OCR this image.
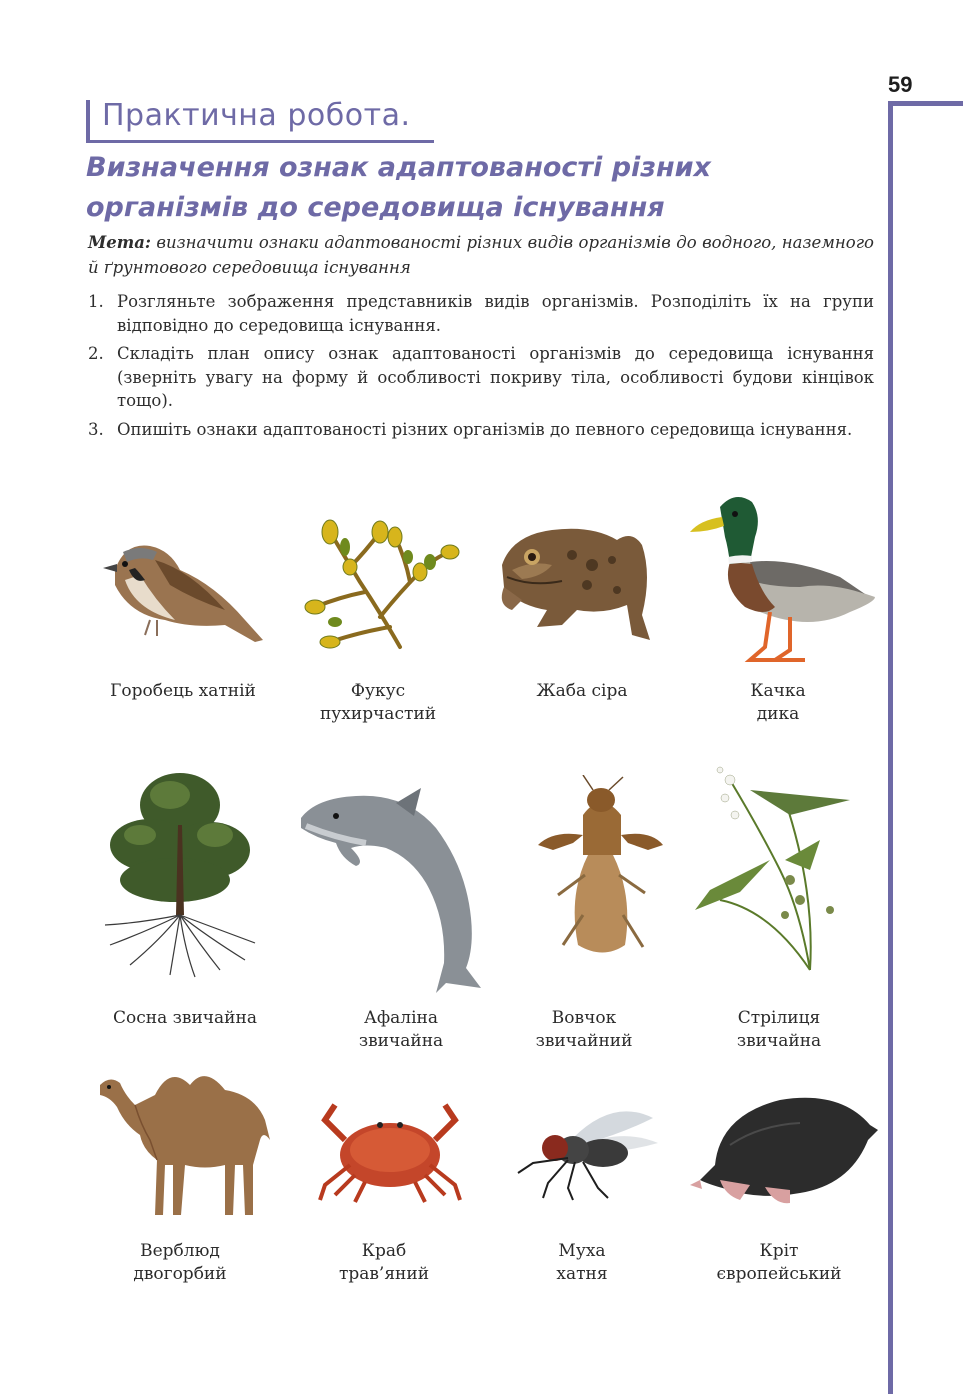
59
Практична робота.
Визначення ознак адаптованості різних
організмів до середовища існування
Мета: визначити ознаки адаптованості різних видів організмів до водного, наземного й ґрунтового середовища існування
1. Розгляньте зображення представників видів організмів. Розподіліть їх на групи відповідно до середовища існування.
2. Складіть план опису ознак адаптованості організмів до середовища існування (зверніть увагу на форму й особливості покриву тіла, особливості будови кінцівок тощо).
3. Опишіть ознаки адаптованості різних організмів до певного середовища існування.
Горобець хатній	Фукус
пухирчастий
Жаба сіра	Качка
дика
Сосна звичайна	Афаліна
звичайна
Вовчок
звичайний
Стрілиця
звичайна
Верблюд
двогорбий
Краб
трав’яний
Муха
хатня
Кріт
європейський
